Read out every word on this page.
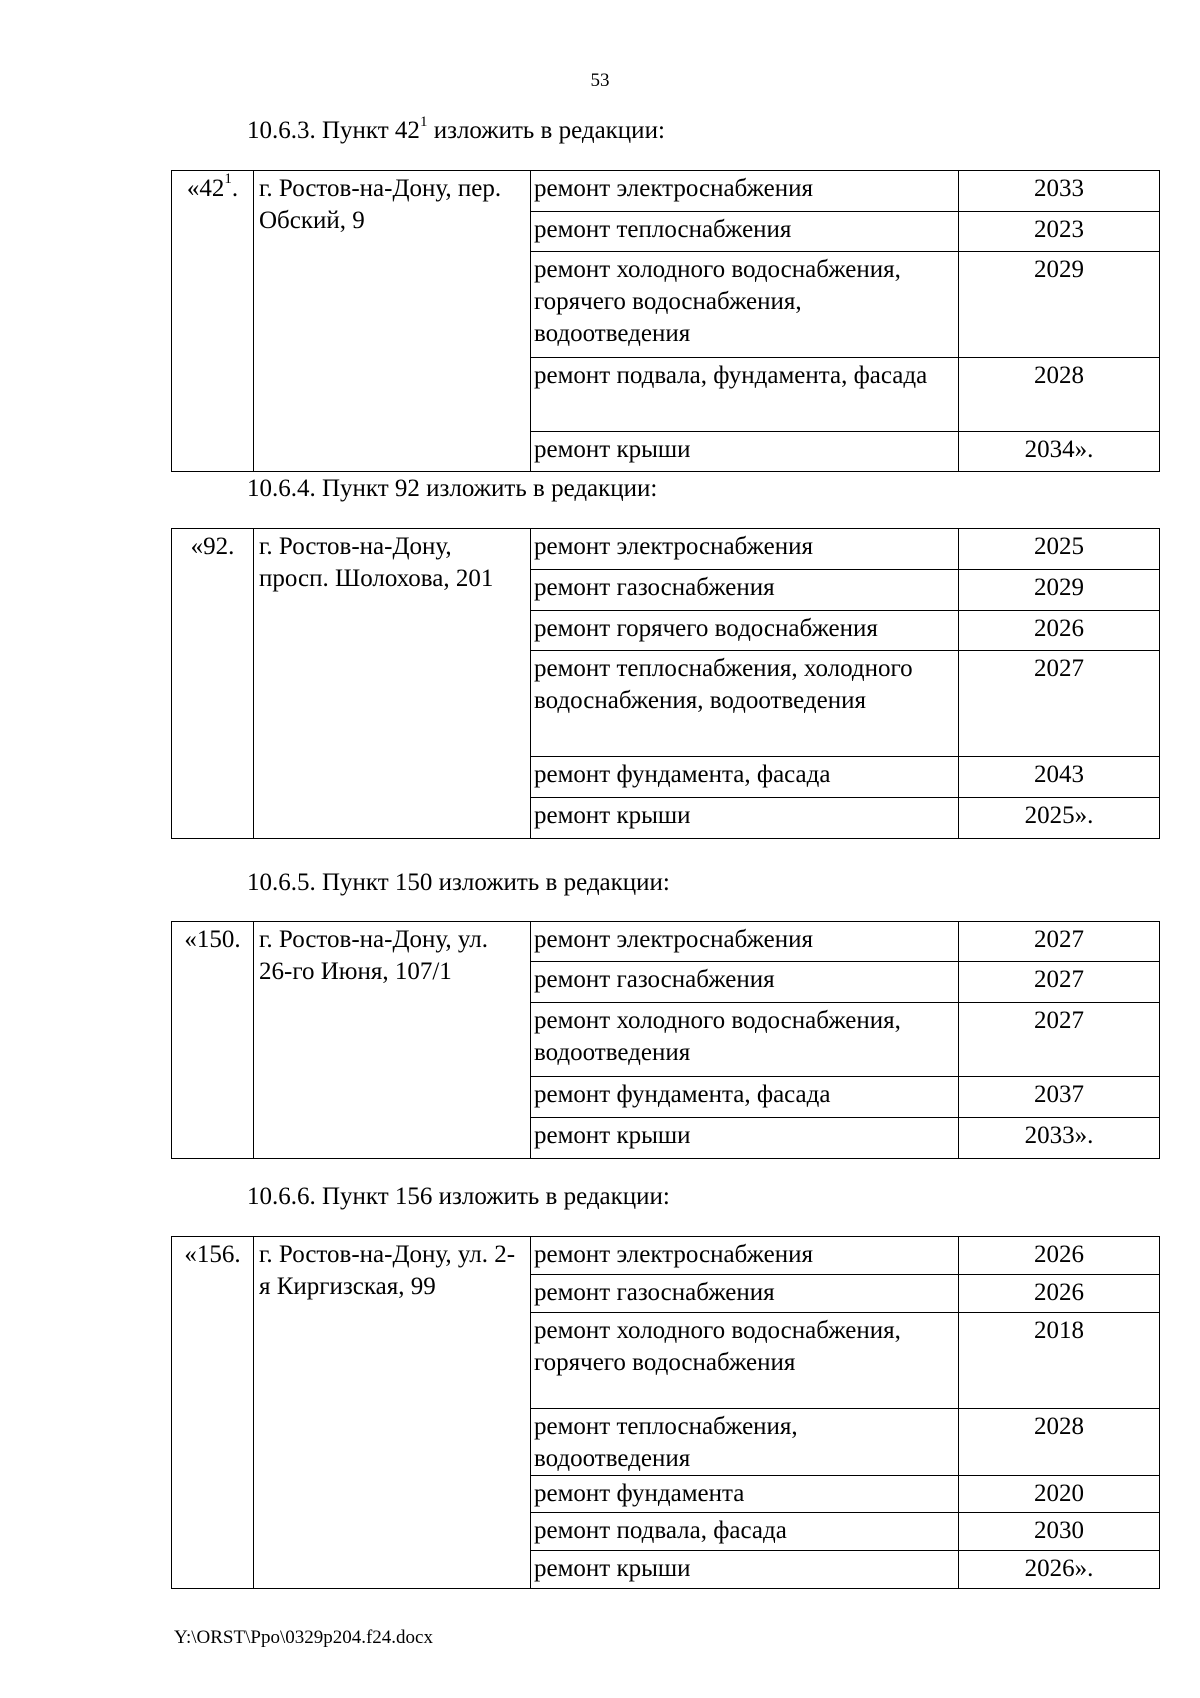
53
10.6.3. Пункт $42^1$ изложить в редакции:
«$42^1$.	г. Ростов-на-Дону, пер. Обский, 9	ремонт электроснабжения	2033
		ремонт теплоснабжения	2023
		ремонт холодного водоснабжения, горячего водоснабжения, водоотведения	2029
		ремонт подвала, фундамента, фасада	2028
		ремонт крыши	2034».
10.6.4. Пункт 92 изложить в редакции:
«92.	г. Ростов-на-Дону, просп. Шолохова, 201	ремонт электроснабжения	2025
		ремонт газоснабжения	2029
		ремонт горячего водоснабжения	2026
		ремонт теплоснабжения, холодного водоснабжения, водоотведения	2027
		ремонт фундамента, фасада	2043
		ремонт крыши	2025».
10.6.5. Пункт 150 изложить в редакции:
«150.	г. Ростов-на-Дону, ул. 26-го Июня, 107/1	ремонт электроснабжения	2027
		ремонт газоснабжения	2027
		ремонт холодного водоснабжения, водоотведения	2027
		ремонт фундамента, фасада	2037
		ремонт крыши	2033».
10.6.6. Пункт 156 изложить в редакции:
«156.	г. Ростов-на-Дону, ул. 2-я Киргизская, 99	ремонт электроснабжения	2026
		ремонт газоснабжения	2026
		ремонт холодного водоснабжения, горячего водоснабжения	2018
		ремонт теплоснабжения, водоотведения	2028
		ремонт фундамента	2020
		ремонт подвала, фасада	2030
		ремонт крыши	2026».
Y:\ORST\Ppo\0329p204.f24.docx
